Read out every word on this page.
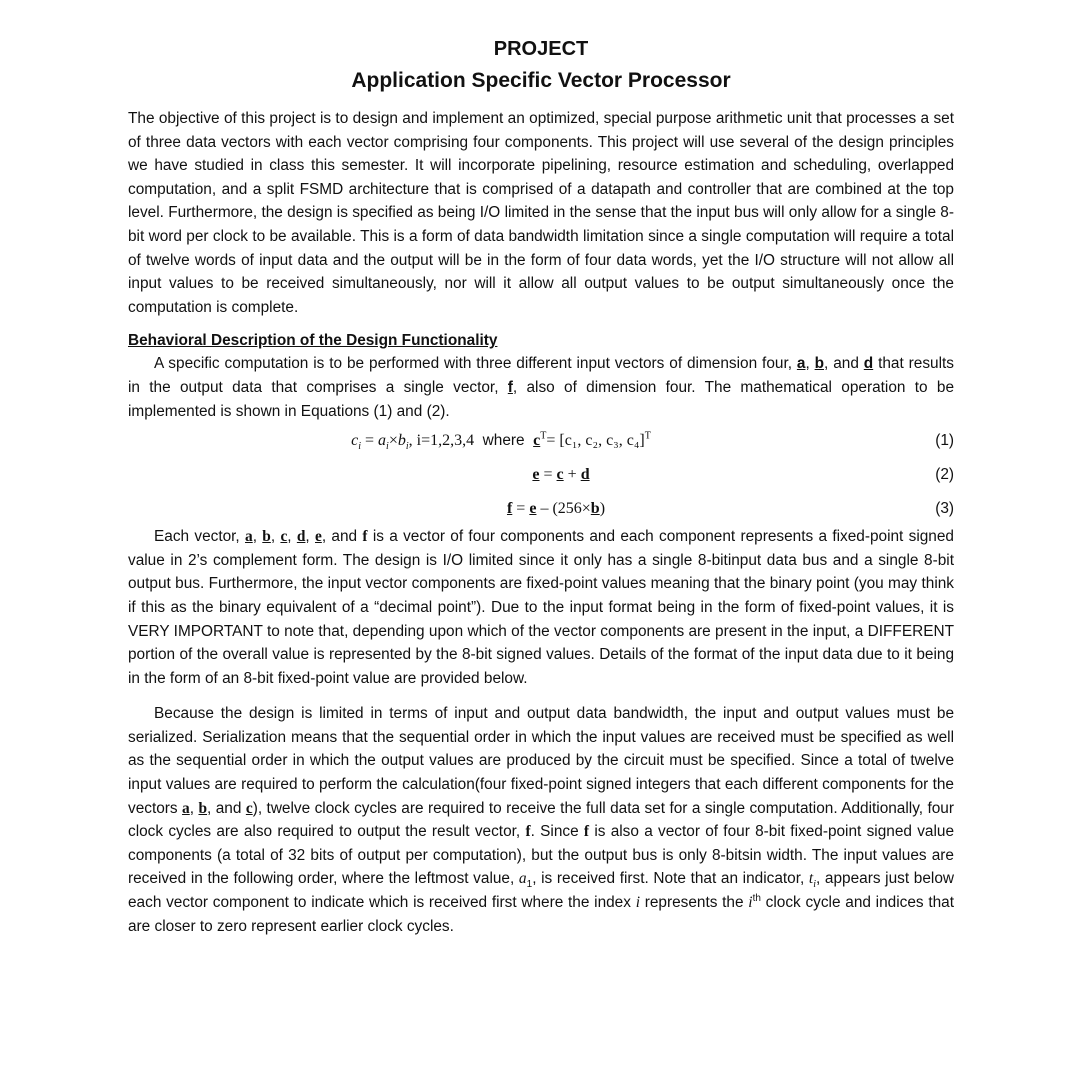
PROJECT
Application Specific Vector Processor

The objective of this project is to design and implement an optimized, special purpose arithmetic unit that processes a set of three data vectors with each vector comprising four components. This project will use several of the design principles we have studied in class this semester. It will incorporate pipelining, resource estimation and scheduling, overlapped computation, and a split FSMD architecture that is comprised of a datapath and controller that are combined at the top level. Furthermore, the design is specified as being I/O limited in the sense that the input bus will only allow for a single 8-bit word per clock to be available. This is a form of data bandwidth limitation since a single computation will require a total of twelve words of input data and the output will be in the form of four data words, yet the I/O structure will not allow all input values to be received simultaneously, nor will it allow all output values to be output simultaneously once the computation is complete.

Behavioral Description of the Design Functionality

A specific computation is to be performed with three different input vectors of dimension four, a, b, and d that results in the output data that comprises a single vector, f, also of dimension four. The mathematical operation to be implemented is shown in Equations (1) and (2).

$c_i = a_i\times b_i$, i=1,2,3,4  where  $c^T= [c_1$, c₂, c₃, c₄]$^T$	(1)
e = c + d	(2)
f = e – (256×b)	(3)

Each vector, a, b, c, d, e, and f is a vector of four components and each component represents a fixed-point signed value in 2’s complement form. The design is I/O limited since it only has a single 8-bitinput data bus and a single 8-bit output bus. Furthermore, the input vector components are fixed-point values meaning that the binary point (you may think if this as the binary equivalent of a “decimal point”). Due to the input format being in the form of fixed-point values, it is VERY IMPORTANT to note that, depending upon which of the vector components are present in the input, a DIFFERENT portion of the overall value is represented by the 8-bit signed values. Details of the format of the input data due to it being in the form of an 8-bit fixed-point value are provided below.

Because the design is limited in terms of input and output data bandwidth, the input and output values must be serialized. Serialization means that the sequential order in which the input values are received must be specified as well as the sequential order in which the output values are produced by the circuit must be specified. Since a total of twelve input values are required to perform the calculation(four fixed-point signed integers that each different components for the vectors a, b, and c), twelve clock cycles are required to receive the full data set for a single computation. Additionally, four clock cycles are also required to output the result vector, f. Since f is also a vector of four 8-bit fixed-point signed value components (a total of 32 bits of output per computation), but the output bus is only 8-bitsin width. The input values are received in the following order, where the leftmost value, $a_1$, is received first. Note that an indicator, $t_i$, appears just below each vector component to indicate which is received first where the index i represents the $i^{th}$ clock cycle and indices that are closer to zero represent earlier clock cycles.
